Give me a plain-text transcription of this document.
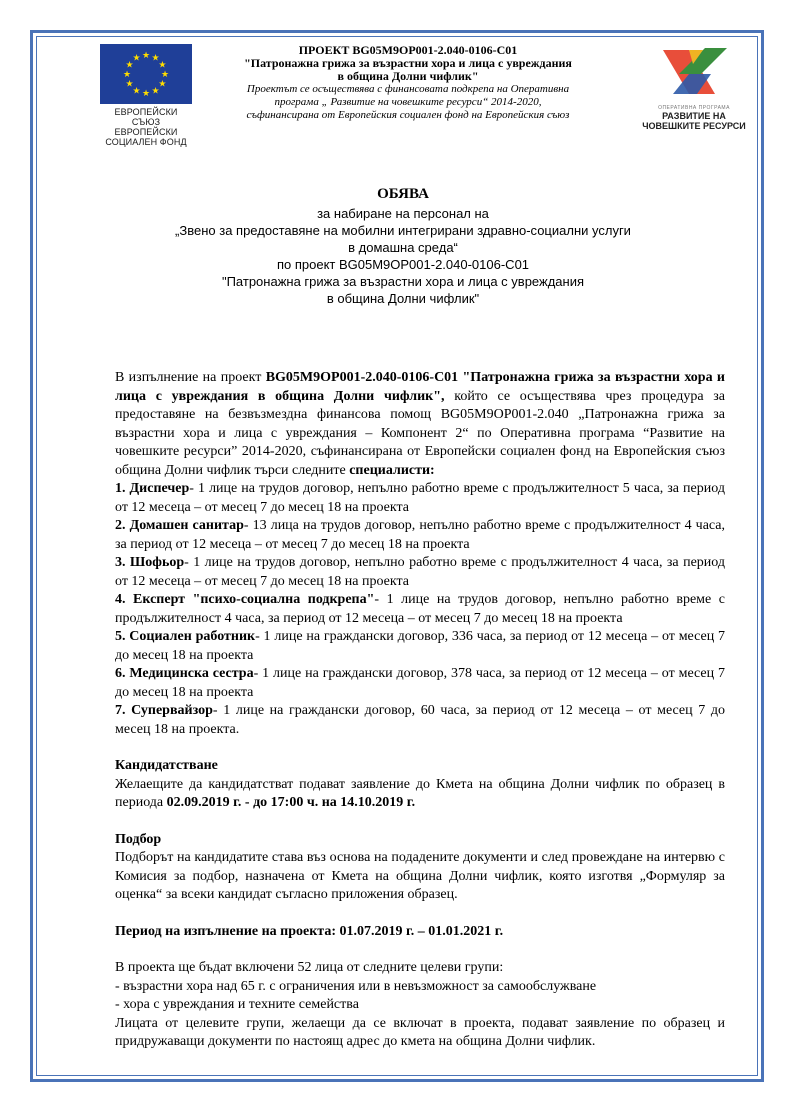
★ ★
★
★
★
★
★
★
★
★
★
★
ЕВРОПЕЙСКИ СЪЮЗ
ЕВРОПЕЙСКИ
СОЦИАЛЕН ФОНД
ПРОЕКТ BG05M9OP001-2.040-0106-C01
"Патронажна грижа за възрастни хора и лица с увреждания
в община Долни чифлик"
Проектът се осъществява с финансовата подкрепа на Оперативна
програма „ Развитие на човешките ресурси“ 2014-2020,
съфинансирана от Европейския социален фонд на Европейския съюз
ОПЕРАТИВНА ПРОГРАМА
РАЗВИТИЕ НА
ЧОВЕШКИТЕ РЕСУРСИ
ОБЯВА
за набиране на персонал на
„Звено за предоставяне на мобилни интегрирани здравно-социални услуги
в домашна среда“
по проект BG05M9OP001-2.040-0106-C01
"Патронажна грижа за възрастни хора и лица с увреждания
в община Долни чифлик"

В изпълнение на проект BG05M9OP001-2.040-0106-C01 "Патронажна грижа за възрастни хора и лица с увреждания в община Долни чифлик", който се осъществява чрез процедура за предоставяне на безвъзмездна финансова помощ BG05M9OP001-2.040 „Патронажна грижа за възрастни хора и лица с увреждания – Компонент 2“ по Оперативна програма “Развитие на човешките ресурси” 2014-2020, съфинансирана от Европейски социален фонд на Европейския съюз община Долни чифлик търси следните специалисти:

1. Диспечер- 1 лице на трудов договор, непълно работно време с продължителност 5 часа, за период от 12 месеца – от месец 7 до месец 18 на проекта

2. Домашен санитар- 13 лица на трудов договор, непълно работно време с продължителност 4 часа, за период от 12 месеца – от месец 7 до месец 18 на проекта

3. Шофьор- 1 лице на трудов договор, непълно работно време с продължителност 4 часа, за период от 12 месеца – от месец 7 до месец 18 на проекта

4. Експерт "психо-социална подкрепа"- 1 лице на трудов договор, непълно работно време с продължителност 4 часа, за период от 12 месеца – от месец 7 до месец 18 на проекта

5. Социален работник- 1 лице на граждански договор, 336 часа, за период от 12 месеца – от месец 7 до месец 18 на проекта

6. Медицинска сестра- 1 лице на граждански договор, 378 часа, за период от 12 месеца – от месец 7 до месец 18 на проекта

7. Супервайзор- 1 лице на граждански договор, 60 часа, за период от 12 месеца – от месец 7 до месец 18 на проекта.

Кандидатстване

Желаещите да кандидатстват подават заявление до Кмета на община Долни чифлик по образец в периода 02.09.2019 г. - до 17:00 ч. на 14.10.2019 г.

Подбор

Подборът на кандидатите става въз основа на подадените документи и след провеждане на интервю с Комисия за подбор, назначена от Кмета на община Долни чифлик, която изготвя „Формуляр за оценка“ за всеки кандидат съгласно приложения образец.

Период на изпълнение на проекта: 01.07.2019 г. – 01.01.2021 г.

В проекта ще бъдат включени 52 лица от следните целеви групи:

- възрастни хора над 65 г. с ограничения или в невъзможност за самообслужване

- хора с увреждания и техните семейства

Лицата от целевите групи, желаещи да се включат в проекта, подават заявление по образец и придружаващи документи по настоящ адрес до кмета на община Долни чифлик.
